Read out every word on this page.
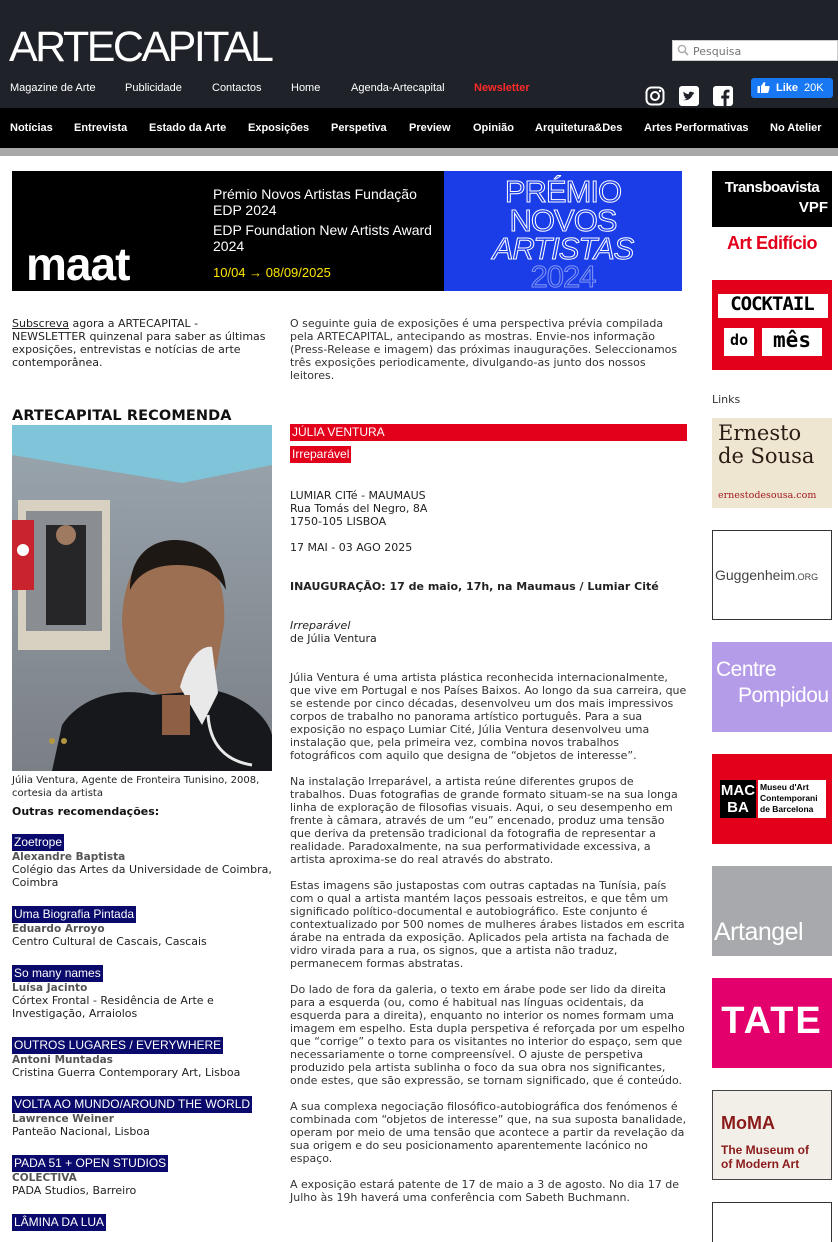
ARTECAPITAL
Pesquisa
Magazine de Arte	Publicidade	Contactos	Home	Agenda-Artecapital	Newsletter	Like 20K
Notícias Entrevista Estado da Arte Exposições Perspetiva Preview Opinião Arquitetura&Des Artes Performativas No Atelier
maat
Prémio Novos Artistas Fundação EDP 2024
EDP Foundation New Artists Award 2024
10/04 → 08/09/2025
PRÉMIO
NOVOS
ARTISTAS
2024
Subscreva agora a ARTECAPITAL - NEWSLETTER quinzenal para saber as últimas exposições, entrevistas e notícias de arte contemporânea.
O seguinte guia de exposições é uma perspectiva prévia compilada pela ARTECAPITAL, antecipando as mostras. Envie-nos informação (Press-Release e imagem) das próximas inaugurações. Seleccionamos três exposições periodicamente, divulgando-as junto dos nossos leitores.
ARTECAPITAL RECOMENDA
Júlia Ventura, Agente de Fronteira Tunisino, 2008, cortesia da artista
Outras recomendações:
Zoetrope
Alexandre Baptista
Colégio das Artes da Universidade de Coimbra, Coimbra
Uma Biografia Pintada
Eduardo Arroyo
Centro Cultural de Cascais, Cascais
So many names
Luísa Jacinto
Córtex Frontal - Residência de Arte e Investigação, Arraiolos
OUTROS LUGARES / EVERYWHERE
Antoni Muntadas
Cristina Guerra Contemporary Art, Lisboa
VOLTA AO MUNDO/AROUND THE WORLD
Lawrence Weiner
Panteão Nacional, Lisboa
PADA 51 + OPEN STUDIOS
COLECTIVA
PADA Studios, Barreiro
LÂMINA DA LUA
JÚLIA VENTURA
Irreparável
LUMIAR CITé - MAUMAUS
Rua Tomás del Negro, 8A
1750-105 LISBOA
17 MAI - 03 AGO 2025
INAUGURAÇÃO: 17 de maio, 17h, na Maumaus / Lumiar Cité
Irreparável
de Júlia Ventura
Júlia Ventura é uma artista plástica reconhecida internacionalmente, que vive em Portugal e nos Países Baixos. Ao longo da sua carreira, que se estende por cinco décadas, desenvolveu um dos mais impressivos corpos de trabalho no panorama artístico português. Para a sua exposição no espaço Lumiar Cité, Júlia Ventura desenvolveu uma instalação que, pela primeira vez, combina novos trabalhos fotográficos com aquilo que designa de “objetos de interesse”.
Na instalação Irreparável, a artista reúne diferentes grupos de trabalhos. Duas fotografias de grande formato situam-se na sua longa linha de exploração de filosofias visuais. Aqui, o seu desempenho em frente à câmara, através de um “eu” encenado, produz uma tensão que deriva da pretensão tradicional da fotografia de representar a realidade. Paradoxalmente, na sua performatividade excessiva, a artista aproxima-se do real através do abstrato.
Estas imagens são justapostas com outras captadas na Tunísia, país com o qual a artista mantém laços pessoais estreitos, e que têm um significado político-documental e autobiográfico. Este conjunto é contextualizado por 500 nomes de mulheres árabes listados em escrita árabe na entrada da exposição. Aplicados pela artista na fachada de vidro virada para a rua, os signos, que a artista não traduz, permanecem formas abstratas.
Do lado de fora da galeria, o texto em árabe pode ser lido da direita para a esquerda (ou, como é habitual nas línguas ocidentais, da esquerda para a direita), enquanto no interior os nomes formam uma imagem em espelho. Esta dupla perspetiva é reforçada por um espelho que “corrige” o texto para os visitantes no interior do espaço, sem que necessariamente o torne compreensível. O ajuste de perspetiva produzido pela artista sublinha o foco da sua obra nos significantes, onde estes, que são expressão, se tornam significado, que é conteúdo.
A sua complexa negociação filosófico-autobiográfica dos fenómenos é combinada com “objetos de interesse” que, na sua suposta banalidade, operam por meio de uma tensão que acontece a partir da revelação da sua origem e do seu posicionamento aparentemente lacónico no espaço.
A exposição estará patente de 17 de maio a 3 de agosto. No dia 17 de Julho às 19h haverá uma conferência com Sabeth Buchmann.
Transboavista
VPF
Art Edifício
COCKTAIL
do	mês
Links
Ernesto
de Sousa
ernestodesousa.com
Guggenheim.ORG
Centre
Pompidou
MAC
BA
Museu d'Art
Contemporani
de Barcelona
Artangel
TATE
MoMA
The Museum of
of Modern Art
